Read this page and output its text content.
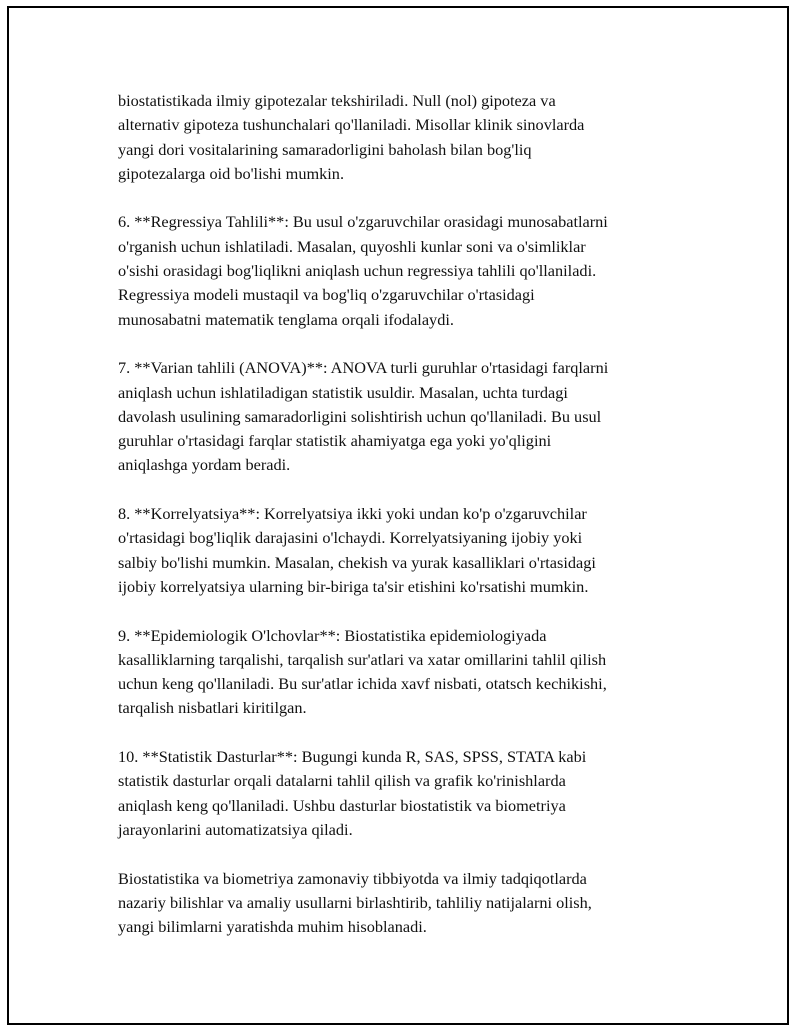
biostatistikada ilmiy gipotezalar tekshiriladi. Null (nol) gipoteza va
alternativ gipoteza tushunchalari qo'llaniladi. Misollar klinik sinovlarda
yangi dori vositalarining samaradorligini baholash bilan bog'liq
gipotezalarga oid bo'lishi mumkin.

6. **Regressiya Tahlili**: Bu usul o'zgaruvchilar orasidagi munosabatlarni
o'rganish uchun ishlatiladi. Masalan, quyoshli kunlar soni va o'simliklar
o'sishi orasidagi bog'liqlikni aniqlash uchun regressiya tahlili qo'llaniladi.
Regressiya modeli mustaqil va bog'liq o'zgaruvchilar o'rtasidagi
munosabatni matematik tenglama orqali ifodalaydi.

7. **Varian tahlili (ANOVA)**: ANOVA turli guruhlar o'rtasidagi farqlarni
aniqlash uchun ishlatiladigan statistik usuldir. Masalan, uchta turdagi
davolash usulining samaradorligini solishtirish uchun qo'llaniladi. Bu usul
guruhlar o'rtasidagi farqlar statistik ahamiyatga ega yoki yo'qligini
aniqlashga yordam beradi.

8. **Korrelyatsiya**: Korrelyatsiya ikki yoki undan ko'p o'zgaruvchilar
o'rtasidagi bog'liqlik darajasini o'lchaydi. Korrelyatsiyaning ijobiy yoki
salbiy bo'lishi mumkin. Masalan, chekish va yurak kasalliklari o'rtasidagi
ijobiy korrelyatsiya ularning bir-biriga ta'sir etishini ko'rsatishi mumkin.

9. **Epidemiologik O'lchovlar**: Biostatistika epidemiologiyada
kasalliklarning tarqalishi, tarqalish sur'atlari va xatar omillarini tahlil qilish
uchun keng qo'llaniladi. Bu sur'atlar ichida xavf nisbati, otatsch kechikishi,
tarqalish nisbatlari kiritilgan.

10. **Statistik Dasturlar**: Bugungi kunda R, SAS, SPSS, STATA kabi
statistik dasturlar orqali datalarni tahlil qilish va grafik ko'rinishlarda
aniqlash keng qo'llaniladi. Ushbu dasturlar biostatistik va biometriya
jarayonlarini automatizatsiya qiladi.

Biostatistika va biometriya zamonaviy tibbiyotda va ilmiy tadqiqotlarda
nazariy bilishlar va amaliy usullarni birlashtirib, tahliliy natijalarni olish,
yangi bilimlarni yaratishda muhim hisoblanadi.
